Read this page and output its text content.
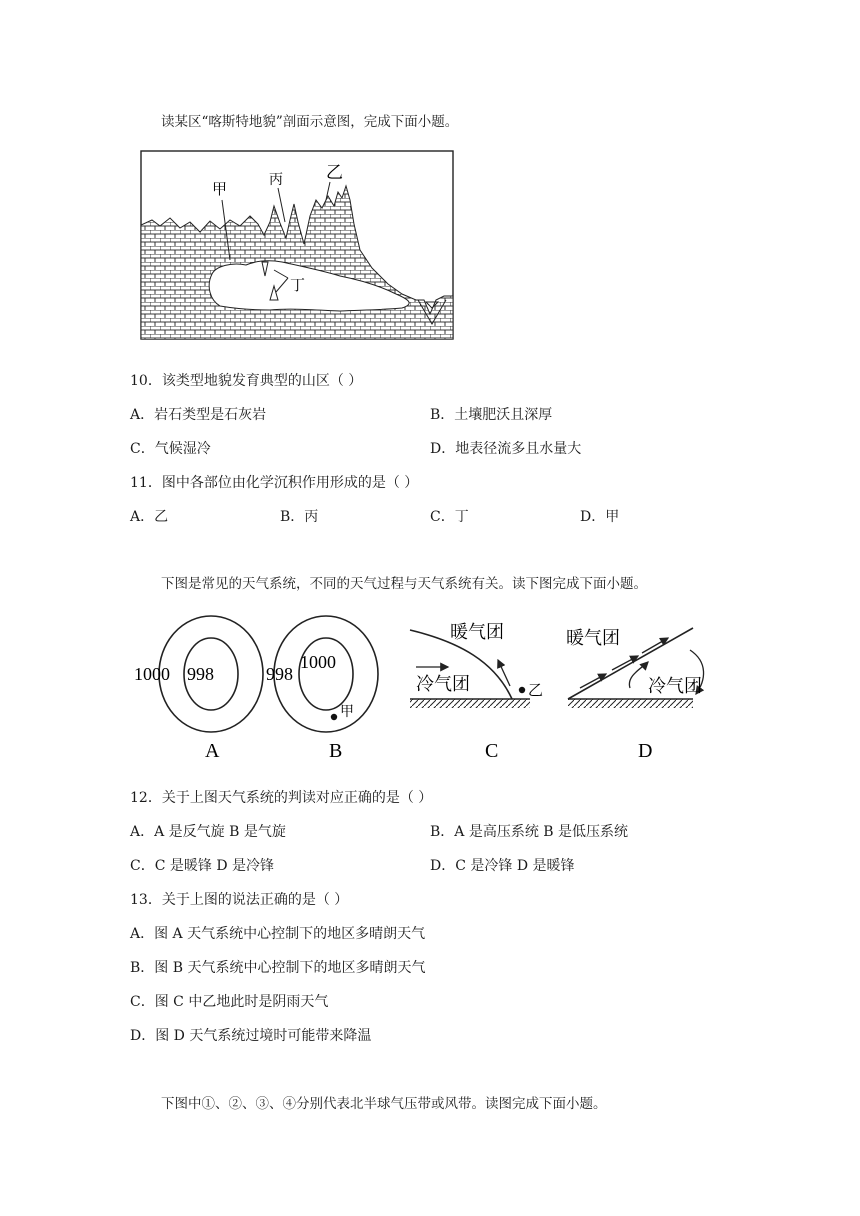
读某区“喀斯特地貌”剖面示意图，完成下面小题。
甲	丙	乙
丁
10．该类型地貌发育典型的山区（ ）
A．岩石类型是石灰岩	B．土壤肥沃且深厚
C．气候湿冷	D．地表径流多且水量大
11．图中各部位由化学沉积作用形成的是（ ）
A．乙	B．丙	C．丁	D．甲
下图是常见的天气系统，不同的天气过程与天气系统有关。读下图完成下面小题。
1000 998
A
998
1000
甲
B
乙
暖气团
冷气团
C
暖气团
冷气团
D
12．关于上图天气系统的判读对应正确的是（ ）
A．A 是反气旋 B 是气旋	B．A 是高压系统 B 是低压系统
C．C 是暖锋 D 是冷锋	D．C 是冷锋 D 是暖锋
13．关于上图的说法正确的是（ ）
A．图 A 天气系统中心控制下的地区多晴朗天气
B．图 B 天气系统中心控制下的地区多晴朗天气
C．图 C 中乙地此时是阴雨天气
D．图 D 天气系统过境时可能带来降温
下图中①、②、③、④分别代表北半球气压带或风带。读图完成下面小题。
